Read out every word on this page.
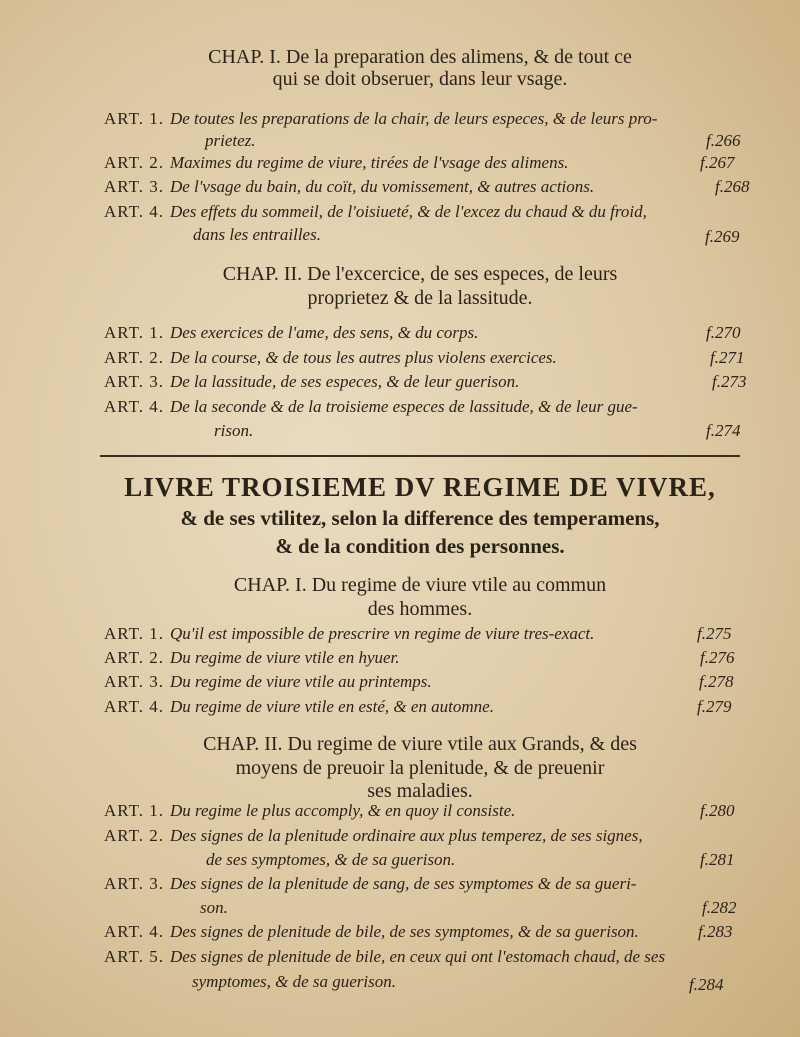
CHAP. I. De la preparation des alimens, & de tout ce
qui se doit obseruer, dans leur vsage.
ART. 1. De toutes les preparations de la chair, de leurs especes, & de leurs pro-
prietez.	f.266
ART. 2. Maximes du regime de viure, tirées de l'vsage des alimens.	f.267
ART. 3. De l'vsage du bain, du coït, du vomissement, & autres actions.	f.268
ART. 4. Des effets du sommeil, de l'oisiueté, & de l'excez du chaud & du froid,
dans les entrailles.	f.269
CHAP. II. De l'excercice, de ses especes, de leurs
proprietez & de la lassitude.
ART. 1. Des exercices de l'ame, des sens, & du corps.	f.270
ART. 2. De la course, & de tous les autres plus violens exercices.	f.271
ART. 3. De la lassitude, de ses especes, & de leur guerison.	f.273
ART. 4. De la seconde & de la troisieme especes de lassitude, & de leur gue-
rison.	f.274
LIVRE TROISIEME DV REGIME DE VIVRE,
& de ses vtilitez, selon la difference des temperamens,
& de la condition des personnes.
CHAP. I. Du regime de viure vtile au commun
des hommes.
ART. 1. Qu'il est impossible de prescrire vn regime de viure tres-exact.	f.275
ART. 2. Du regime de viure vtile en hyuer.	f.276
ART. 3. Du regime de viure vtile au printemps.	f.278
ART. 4. Du regime de viure vtile en esté, & en automne.	f.279
CHAP. II. Du regime de viure vtile aux Grands, & des
moyens de preuoir la plenitude, & de preuenir
ses maladies.
ART. 1. Du regime le plus accomply, & en quoy il consiste.	f.280
ART. 2. Des signes de la plenitude ordinaire aux plus temperez, de ses signes,
de ses symptomes, & de sa guerison.	f.281
ART. 3. Des signes de la plenitude de sang, de ses symptomes & de sa gueri-
son.	f.282
ART. 4. Des signes de plenitude de bile, de ses symptomes, & de sa guerison.	f.283
ART. 5. Des signes de plenitude de bile, en ceux qui ont l'estomach chaud, de ses
symptomes, & de sa guerison.	f.284
